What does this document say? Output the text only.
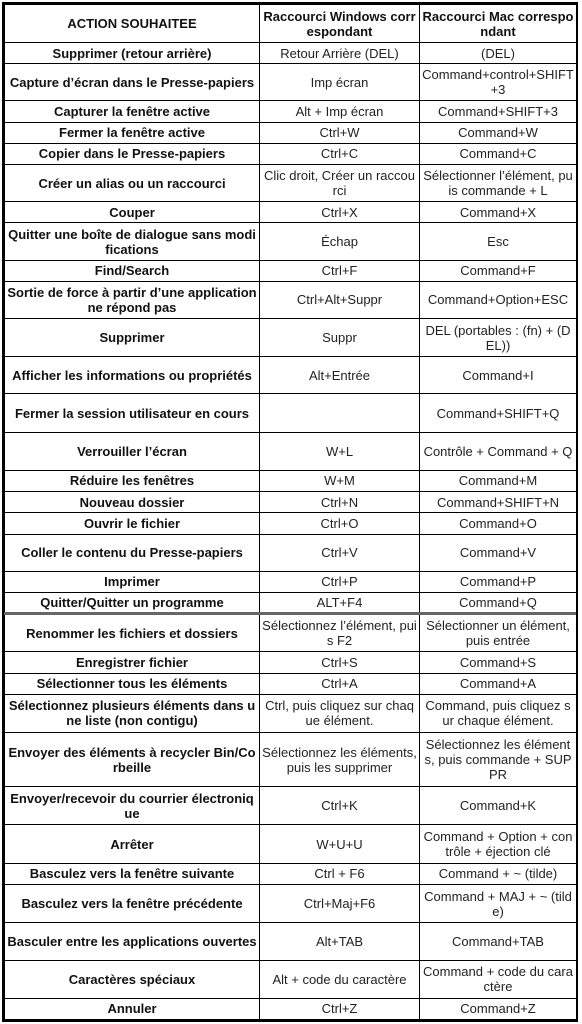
ACTION SOUHAITEE	Raccourci Windows correspondant	Raccourci Mac correspondant
Supprimer (retour arrière)	Retour Arrière (DEL)	(DEL)
Capture d’écran dans le Presse-papiers	Imp écran	Command+control+SHIFT+3
Capturer la fenêtre active	Alt + Imp écran	Command+SHIFT+3
Fermer la fenêtre active	Ctrl+W	Command+W
Copier dans le Presse-papiers	Ctrl+C	Command+C
Créer un alias ou un raccourci	Clic droit, Créer un raccourci	Sélectionner l’élément, puis commande + L
Couper	Ctrl+X	Command+X
Quitter une boîte de dialogue sans modifications	Échap	Esc
Find/Search	Ctrl+F	Command+F
Sortie de force à partir d’une application ne répond pas	Ctrl+Alt+Suppr	Command+Option+ESC
Supprimer	Suppr	DEL (portables : (fn) + (DEL))
Afficher les informations ou propriétés	Alt+Entrée	Command+I
Fermer la session utilisateur en cours		Command+SHIFT+Q
Verrouiller l’écran	W+L	Contrôle + Command + Q
Réduire les fenêtres	W+M	Command+M
Nouveau dossier	Ctrl+N	Command+SHIFT+N
Ouvrir le fichier	Ctrl+O	Command+O
Coller le contenu du Presse-papiers	Ctrl+V	Command+V
Imprimer	Ctrl+P	Command+P
Quitter/Quitter un programme	ALT+F4	Command+Q
Renommer les fichiers et dossiers	Sélectionnez l’élément, puis F2	Sélectionner un élément, puis entrée
Enregistrer fichier	Ctrl+S	Command+S
Sélectionner tous les éléments	Ctrl+A	Command+A
Sélectionnez plusieurs éléments dans une liste (non contigu)	Ctrl, puis cliquez sur chaque élément.	Command, puis cliquez sur chaque élément.
Envoyer des éléments à recycler Bin/Corbeille	Sélectionnez les éléments, puis les supprimer	Sélectionnez les éléments, puis commande + SUPPR
Envoyer/recevoir du courrier électronique	Ctrl+K	Command+K
Arrêter	W+U+U	Command + Option + contrôle + éjection clé
Basculez vers la fenêtre suivante	Ctrl + F6	Command + ~ (tilde)
Basculez vers la fenêtre précédente	Ctrl+Maj+F6	Command + MAJ + ~ (tilde)
Basculer entre les applications ouvertes	Alt+TAB	Command+TAB
Caractères spéciaux	Alt + code du caractère	Command + code du caractère
Annuler	Ctrl+Z	Command+Z
